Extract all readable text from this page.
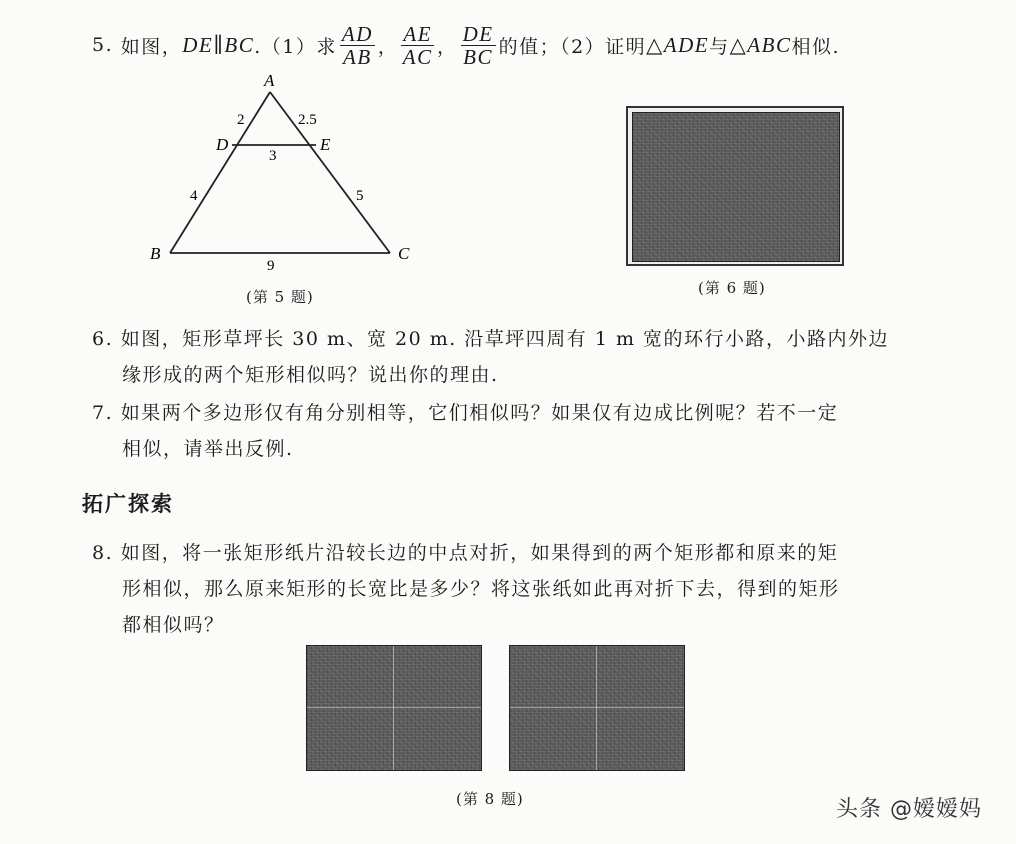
5.
如图， DE∥BC .（1）求 $\frac{AD}{AB}$ ， $\frac{AE}{AC}$ ， $\frac{DE}{BC}$ 的值；（2）证明 △ADE 与 △ABC 相似.
A
B	C
D	E
2	2.5
3
4	5
9
(第 5 题)	(第 6 题)
6. 如图，矩形草坪长 30 m、宽 20 m. 沿草坪四周有 1 m 宽的环行小路，小路内外边
缘形成的两个矩形相似吗？说出你的理由.
7. 如果两个多边形仅有角分别相等，它们相似吗？如果仅有边成比例呢？若不一定
相似，请举出反例.
拓广探索
8. 如图，将一张矩形纸片沿较长边的中点对折，如果得到的两个矩形都和原来的矩
形相似，那么原来矩形的长宽比是多少？将这张纸如此再对折下去，得到的矩形
都相似吗？
(第 8 题)	头条 @嫒嫒妈
